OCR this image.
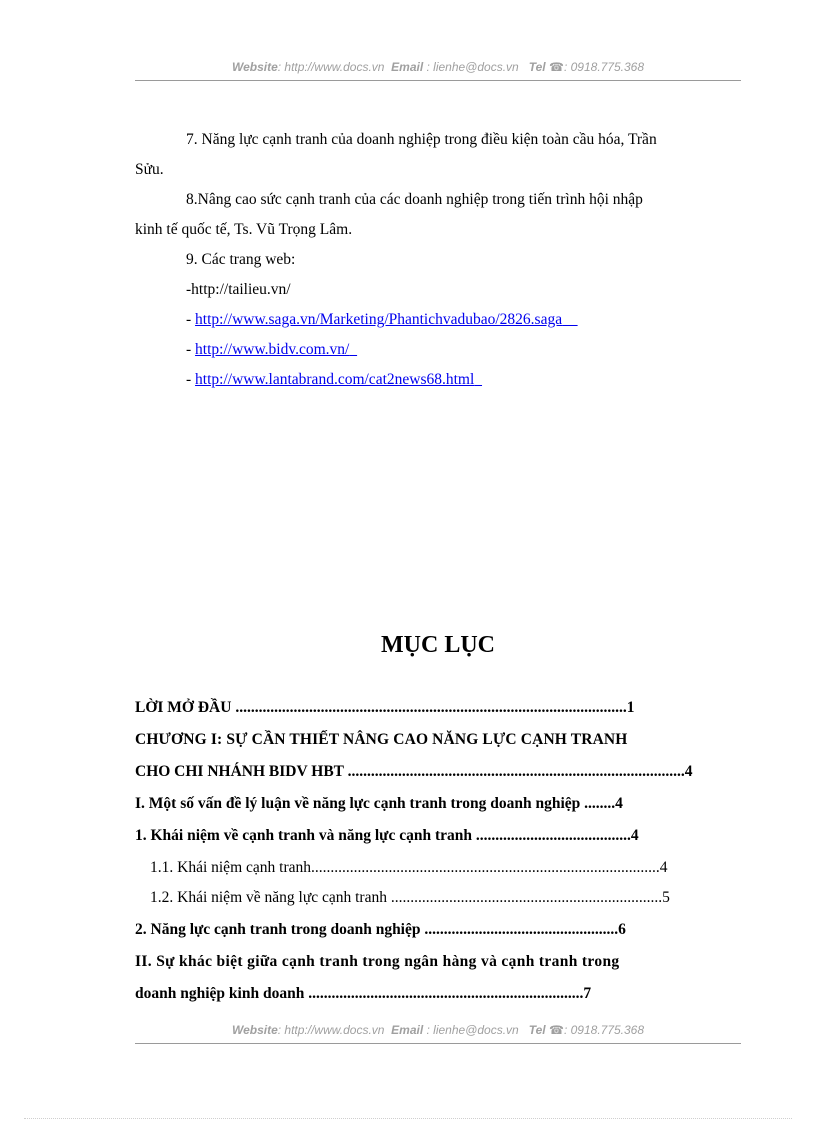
Website: http://www.docs.vn Email : lienhe@docs.vn Tel ☎: 0918.775.368
7. Năng lực cạnh tranh của doanh nghiệp trong điều kiện toàn cầu hóa, Trần
Sửu.
8.Nâng cao sức cạnh tranh của các doanh nghiệp trong tiến trình hội nhập
kinh tế quốc tế, Ts. Vũ Trọng Lâm.
9. Các trang web:
-http://tailieu.vn/
- http://www.saga.vn/Marketing/Phantichvadubao/2826.saga
- http://www.bidv.com.vn/
- http://www.lantabrand.com/cat2news68.html
MỤC LỤC
LỜI MỞ ĐẦU .....................................................................................................1
CHƯƠNG I: SỰ CẦN THIẾT NÂNG CAO NĂNG LỰC CẠNH TRANH
CHO CHI NHÁNH BIDV HBT .......................................................................................4
I. Một số vấn đề lý luận về năng lực cạnh tranh trong doanh nghiệp ........4
1. Khái niệm về cạnh tranh và năng lực cạnh tranh ........................................4
1.1. Khái niệm cạnh tranh..........................................................................................4
1.2. Khái niệm về năng lực cạnh tranh ......................................................................5
2. Năng lực cạnh tranh trong doanh nghiệp ..................................................6
II. Sự khác biệt giữa cạnh tranh trong ngân hàng và cạnh tranh trong
doanh nghiệp kinh doanh .......................................................................7
Website: http://www.docs.vn Email : lienhe@docs.vn Tel ☎: 0918.775.368
